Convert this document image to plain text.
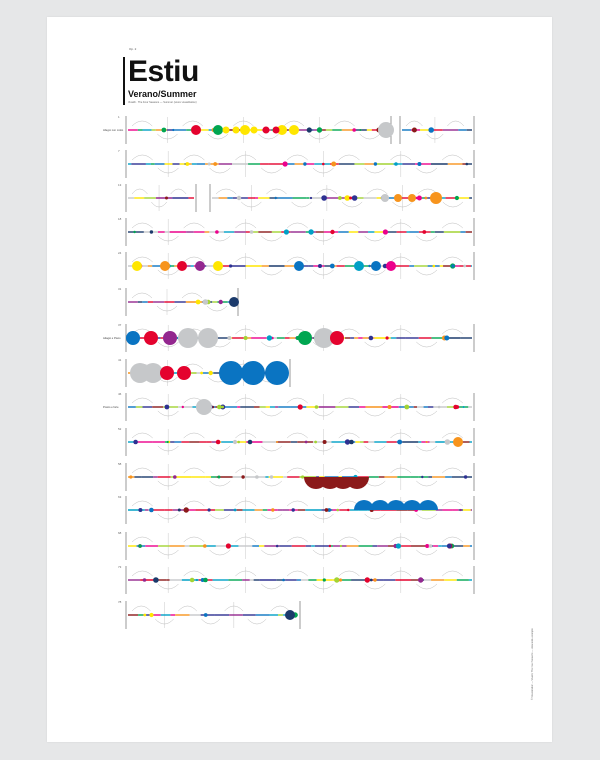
Op. 2
Estiu
Verano/Summer
Vivaldi · The Four Seasons — Summer (score visualization)
© Visualization — Vivaldi, The Four Seasons — www.estiu.example
1
7
13
18
24
31
37
41
46
52
58
63
68
73
78
Allegro non molto
Adagio e Piano
Presto e forte
